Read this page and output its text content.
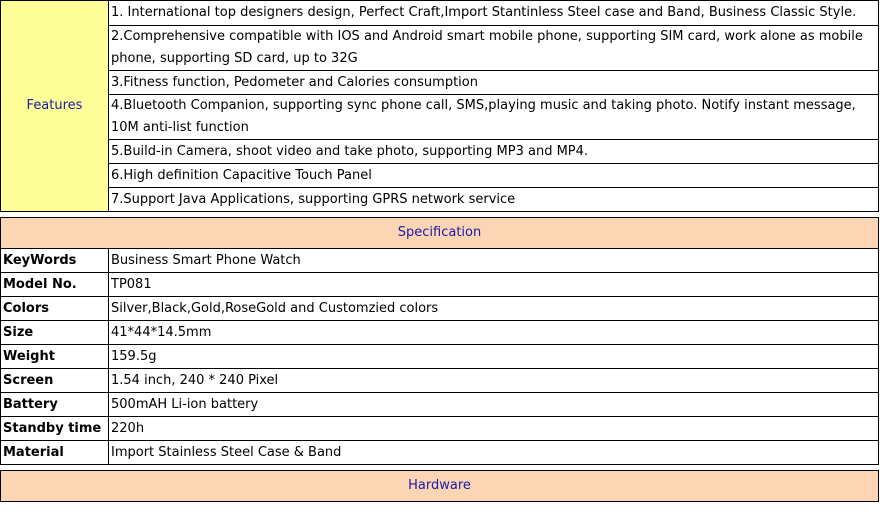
Features	1. International top designers design, Perfect Craft,Import Stantinless Steel case and Band, Business Classic Style.
	2.Comprehensive compatible with IOS and Android smart mobile phone, supporting SIM card, work alone as mobile phone, supporting SD card, up to 32G
	3.Fitness function, Pedometer and Calories consumption
	4.Bluetooth Companion, supporting sync phone call, SMS,playing music and taking photo. Notify instant message, 10M anti-list function
	5.Build-in Camera, shoot video and take photo, supporting MP3 and MP4.
	6.High definition Capacitive Touch Panel
	7.Support Java Applications, supporting GPRS network service

Specification	
KeyWords	Business Smart Phone Watch
Model No.	TP081
Colors	Silver,Black,Gold,RoseGold and Customzied colors
Size	41*44*14.5mm
Weight	159.5g
Screen	1.54 inch, 240 * 240 Pixel
Battery	500mAH Li-ion battery
Standby time	220h
Material	Import Stainless Steel Case & Band

Hardware	
